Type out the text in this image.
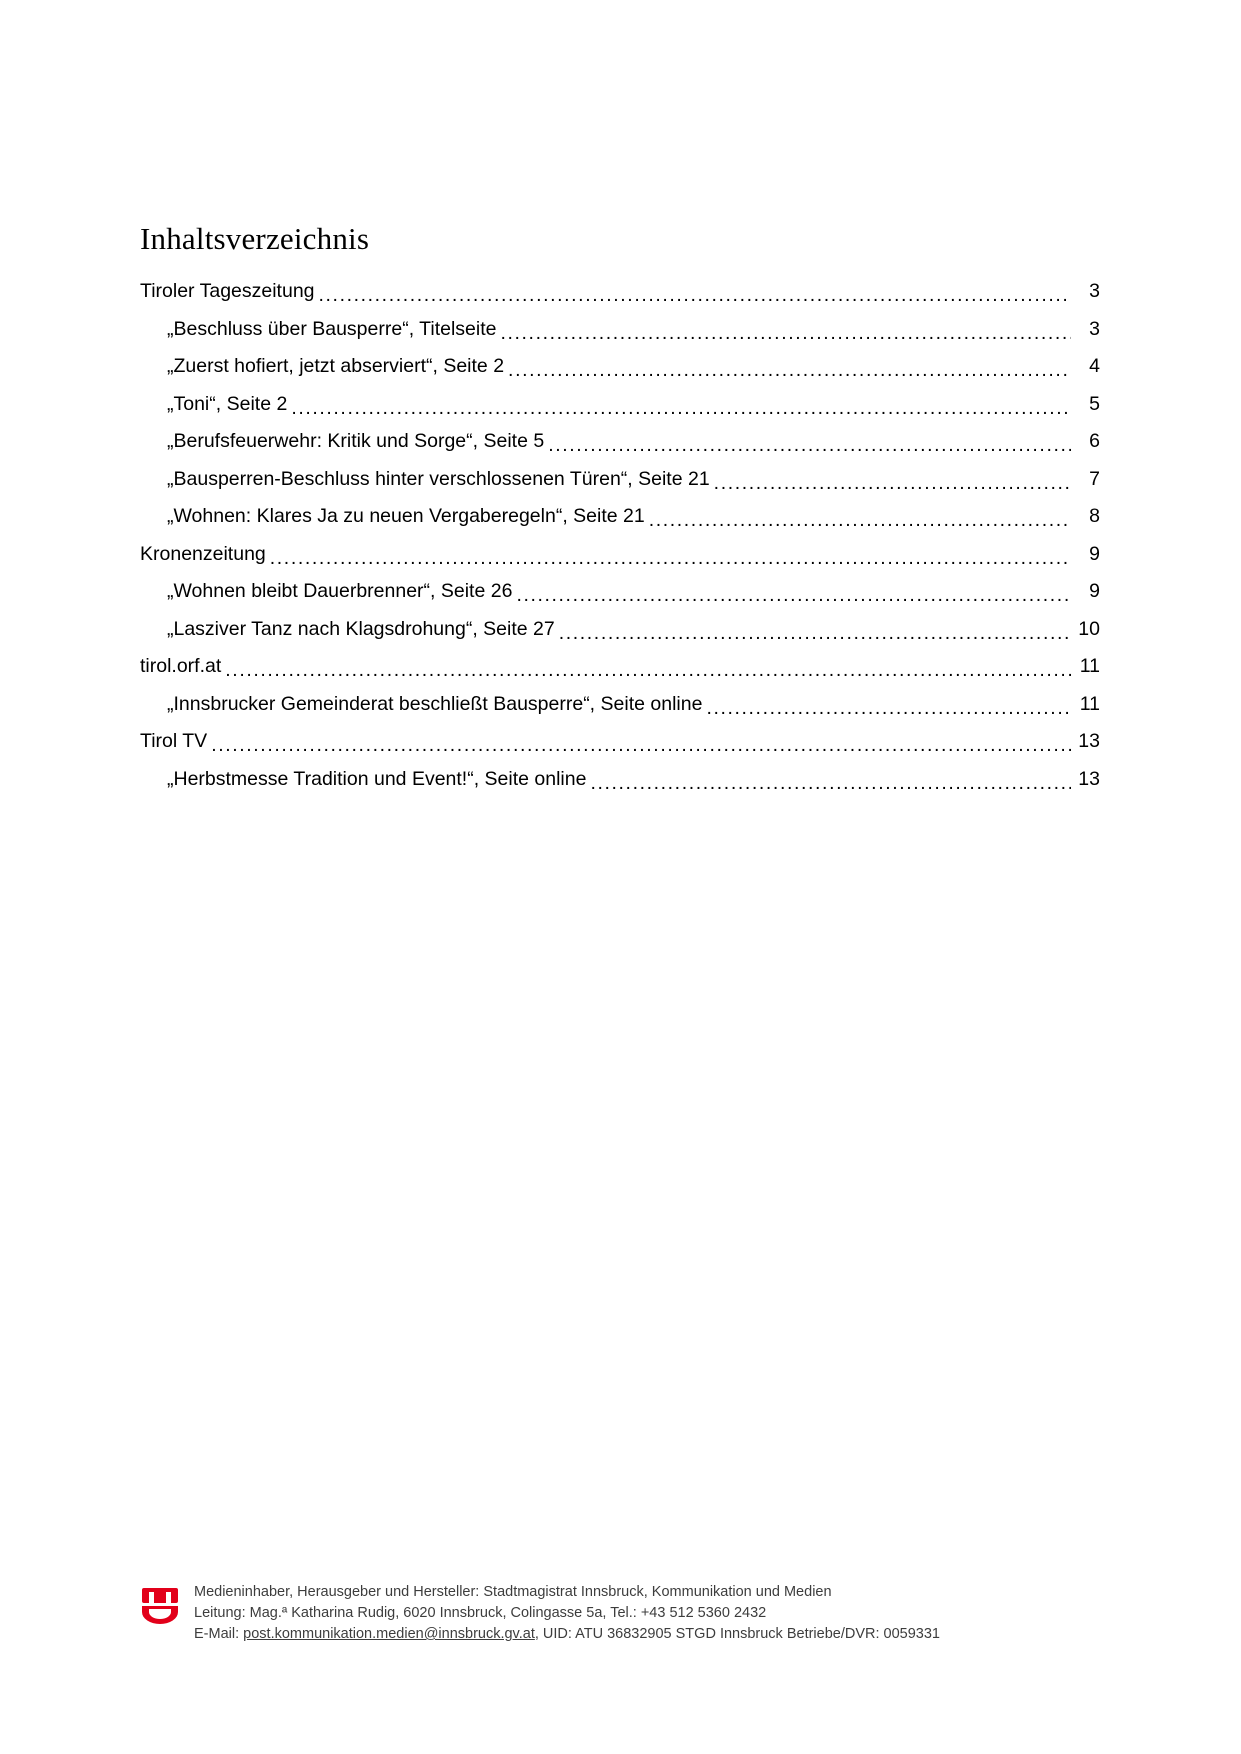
Inhaltsverzeichnis
Tiroler Tageszeitung .....	3
„Beschluss über Bausperre“, Titelseite .....	3
„Zuerst hofiert, jetzt abserviert“, Seite 2 .....	4
„Toni“, Seite 2 .....	5
„Berufsfeuerwehr: Kritik und Sorge“, Seite 5 .....	6
„Bausperren-Beschluss hinter verschlossenen Türen“, Seite 21 .....	7
„Wohnen: Klares Ja zu neuen Vergaberegeln“, Seite 21 .....	8
Kronenzeitung .....	9
„Wohnen bleibt Dauerbrenner“, Seite 26 .....	9
„Lasziver Tanz nach Klagsdrohung“, Seite 27 .....	10
tirol.orf.at .....	11
„Innsbrucker Gemeinderat beschließt Bausperre“, Seite online .....	11
Tirol TV .....	13
„Herbstmesse Tradition und Event!“, Seite online .....	13
Medieninhaber, Herausgeber und Hersteller: Stadtmagistrat Innsbruck, Kommunikation und Medien
Leitung: Mag.ª Katharina Rudig, 6020 Innsbruck, Colingasse 5a, Tel.: +43 512 5360 2432
E-Mail: post.kommunikation.medien@innsbruck.gv.at, UID: ATU 36832905 STGD Innsbruck Betriebe/DVR: 0059331
